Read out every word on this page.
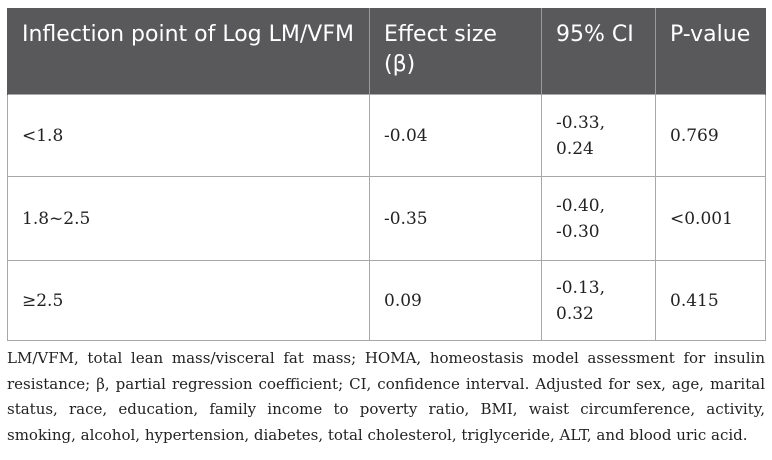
Inflection point of Log LM/VFM	Effect size (β)	95% CI	P-value
<1.8	-0.04	-0.33, 0.24	0.769
1.8~2.5	-0.35	-0.40, -0.30	<0.001
≥2.5	0.09	-0.13, 0.32	0.415

LM/VFM, total lean mass/visceral fat mass; HOMA, homeostasis model assessment for insulin resistance; β, partial regression coefficient; CI, confidence interval. Adjusted for sex, age, marital status, race, education, family income to poverty ratio, BMI, waist circumference, activity, smoking, alcohol, hypertension, diabetes, total cholesterol, triglyceride, ALT, and blood uric acid.
